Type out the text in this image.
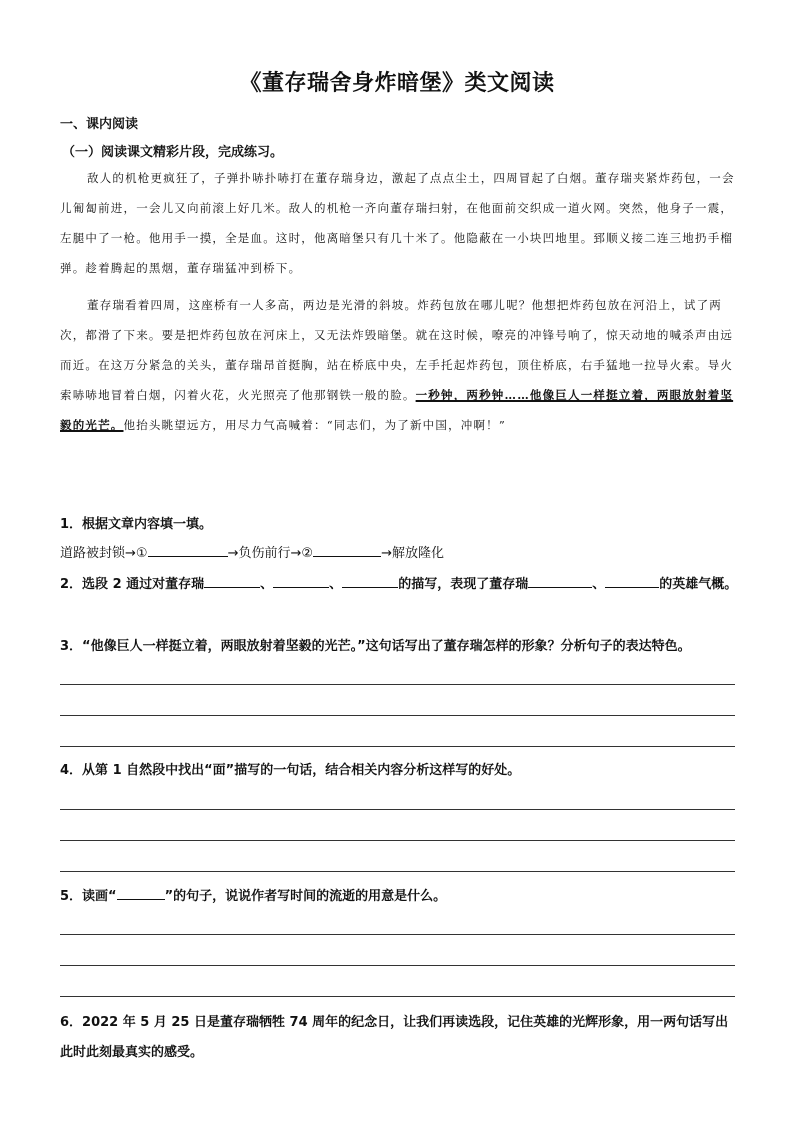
《董存瑞舍身炸暗堡》类文阅读
一、课内阅读
（一）阅读课文精彩片段，完成练习。
敌人的机枪更疯狂了，子弹扑哧扑哧打在董存瑞身边，激起了点点尘土，四周冒起了白烟。董存瑞夹紧炸药包，一会儿匍匐前进，一会儿又向前滚上好几米。敌人的机枪一齐向董存瑞扫射，在他面前交织成一道火网。突然，他身子一震，左腿中了一枪。他用手一摸，全是血。这时，他离暗堡只有几十米了。他隐蔽在一小块凹地里。郅顺义接二连三地扔手榴弹。趁着腾起的黑烟，董存瑞猛冲到桥下。
董存瑞看着四周，这座桥有一人多高，两边是光滑的斜坡。炸药包放在哪儿呢？他想把炸药包放在河沿上，试了两次，都滑了下来。要是把炸药包放在河床上，又无法炸毁暗堡。就在这时候，嘹亮的冲锋号响了，惊天动地的喊杀声由远而近。在这万分紧急的关头，董存瑞昂首挺胸，站在桥底中央，左手托起炸药包，顶住桥底，右手猛地一拉导火索。导火索哧哧地冒着白烟，闪着火花，火光照亮了他那钢铁一般的脸。一秒钟，两秒钟……他像巨人一样挺立着，两眼放射着坚毅的光芒。他抬头眺望远方，用尽力气高喊着：“同志们，为了新中国，冲啊！”
1．根据文章内容填一填。
道路被封锁→①	→负伤前行→②	→解放隆化
2．选段 2 通过对董存瑞	、	、	的描写，表现了董存瑞	、	的英雄气概。
3．“他像巨人一样挺立着，两眼放射着坚毅的光芒。”这句话写出了董存瑞怎样的形象？分析句子的表达特色。
4．从第 1 自然段中找出“面”描写的一句话，结合相关内容分析这样写的好处。
5．读画“	”的句子，说说作者写时间的流逝的用意是什么。
6．2022 年 5 月 25 日是董存瑞牺牲 74 周年的纪念日，让我们再读选段，记住英雄的光辉形象，用一两句话写出此时此刻最真实的感受。
